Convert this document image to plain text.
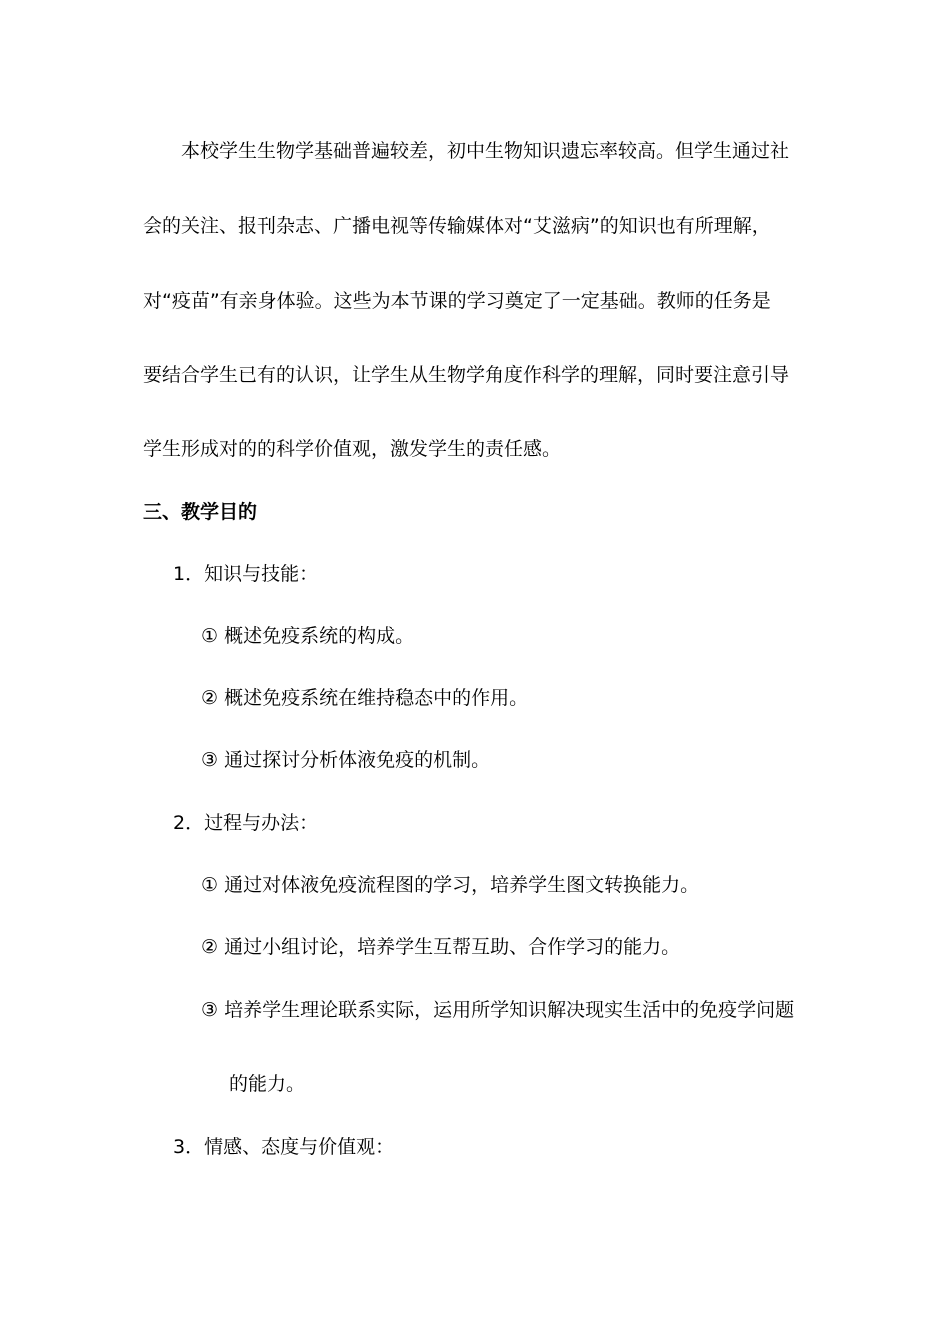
本校学生生物学基础普遍较差，初中生物知识遗忘率较高。但学生通过社
会的关注、报刊杂志、广播电视等传输媒体对“艾滋病”的知识也有所理解，
对“疫苗”有亲身体验。这些为本节课的学习奠定了一定基础。教师的任务是
要结合学生已有的认识，让学生从生物学角度作科学的理解，同时要注意引导
学生形成对的的科学价值观，激发学生的责任感。
三、教学目的
1．知识与技能：
① 概述免疫系统的构成。
② 概述免疫系统在维持稳态中的作用。
③ 通过探讨分析体液免疫的机制。
2．过程与办法：
① 通过对体液免疫流程图的学习，培养学生图文转换能力。
② 通过小组讨论，培养学生互帮互助、合作学习的能力。
③ 培养学生理论联系实际，运用所学知识解决现实生活中的免疫学问题
的能力。
3．情感、态度与价值观：
